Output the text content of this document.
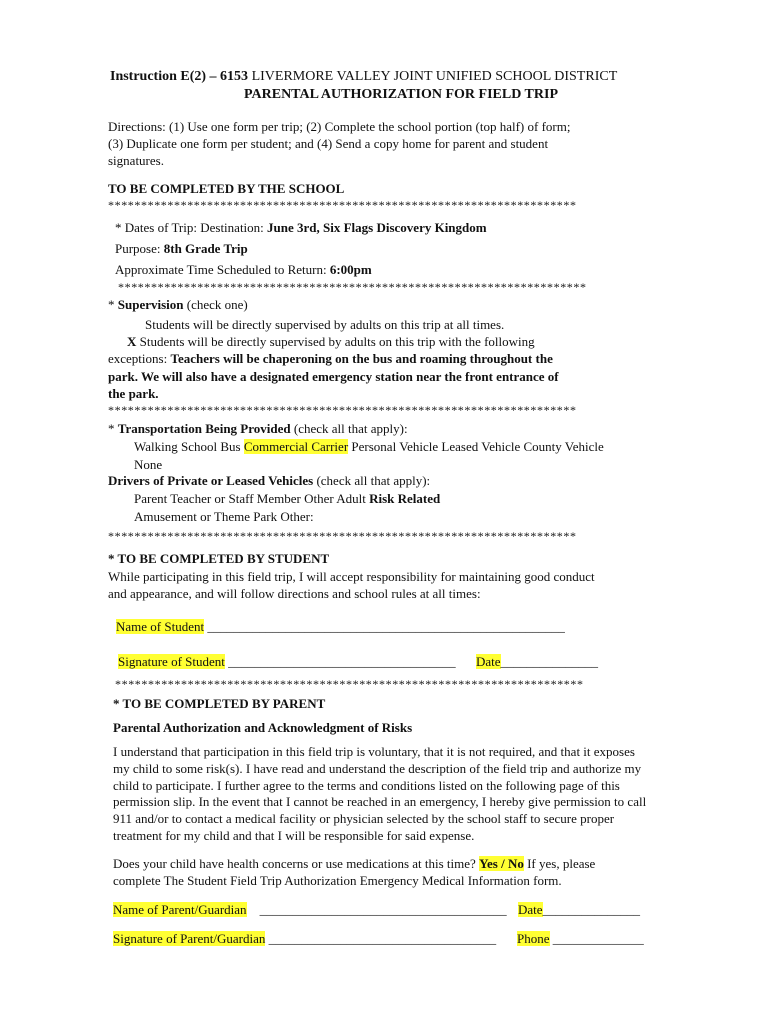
Instruction E(2) – 6153 LIVERMORE VALLEY JOINT UNIFIED SCHOOL DISTRICT
PARENTAL AUTHORIZATION FOR FIELD TRIP
Directions: (1) Use one form per trip; (2) Complete the school portion (top half) of form;
(3) Duplicate one form per student; and (4) Send a copy home for parent and student
signatures.
TO BE COMPLETED BY THE SCHOOL
***********************************************************************
* Dates of Trip: Destination: June 3rd, Six Flags Discovery Kingdom
Purpose: 8th Grade Trip
Approximate Time Scheduled to Return: 6:00pm
***********************************************************************
* Supervision (check one)
Students will be directly supervised by adults on this trip at all times.
X Students will be directly supervised by adults on this trip with the following
exceptions: Teachers will be chaperoning on the bus and roaming throughout the
park. We will also have a designated emergency station near the front entrance of
the park.
***********************************************************************
* Transportation Being Provided (check all that apply):
Walking School Bus Commercial Carrier Personal Vehicle Leased Vehicle County Vehicle
None
Drivers of Private or Leased Vehicles (check all that apply):
Parent Teacher or Staff Member Other Adult Risk Related
Amusement or Theme Park Other:
***********************************************************************
* TO BE COMPLETED BY STUDENT
While participating in this field trip, I will accept responsibility for maintaining good conduct
and appearance, and will follow directions and school rules at all times:
Name of Student _______________________________________________________
Signature of Student ___________________________________ Date_______________
***********************************************************************
* TO BE COMPLETED BY PARENT
Parental Authorization and Acknowledgment of Risks
I understand that participation in this field trip is voluntary, that it is not required, and that it exposes
my child to some risk(s). I have read and understand the description of the field trip and authorize my
child to participate. I further agree to the terms and conditions listed on the following page of this
permission slip. In the event that I cannot be reached in an emergency, I hereby give permission to call
911 and/or to contact a medical facility or physician selected by the school staff to secure proper
treatment for my child and that I will be responsible for said expense.
Does your child have health concerns or use medications at this time? Yes / No If yes, please
complete The Student Field Trip Authorization Emergency Medical Information form.
Name of Parent/Guardian ______________________________________ Date_______________
Signature of Parent/Guardian ___________________________________ Phone ______________
